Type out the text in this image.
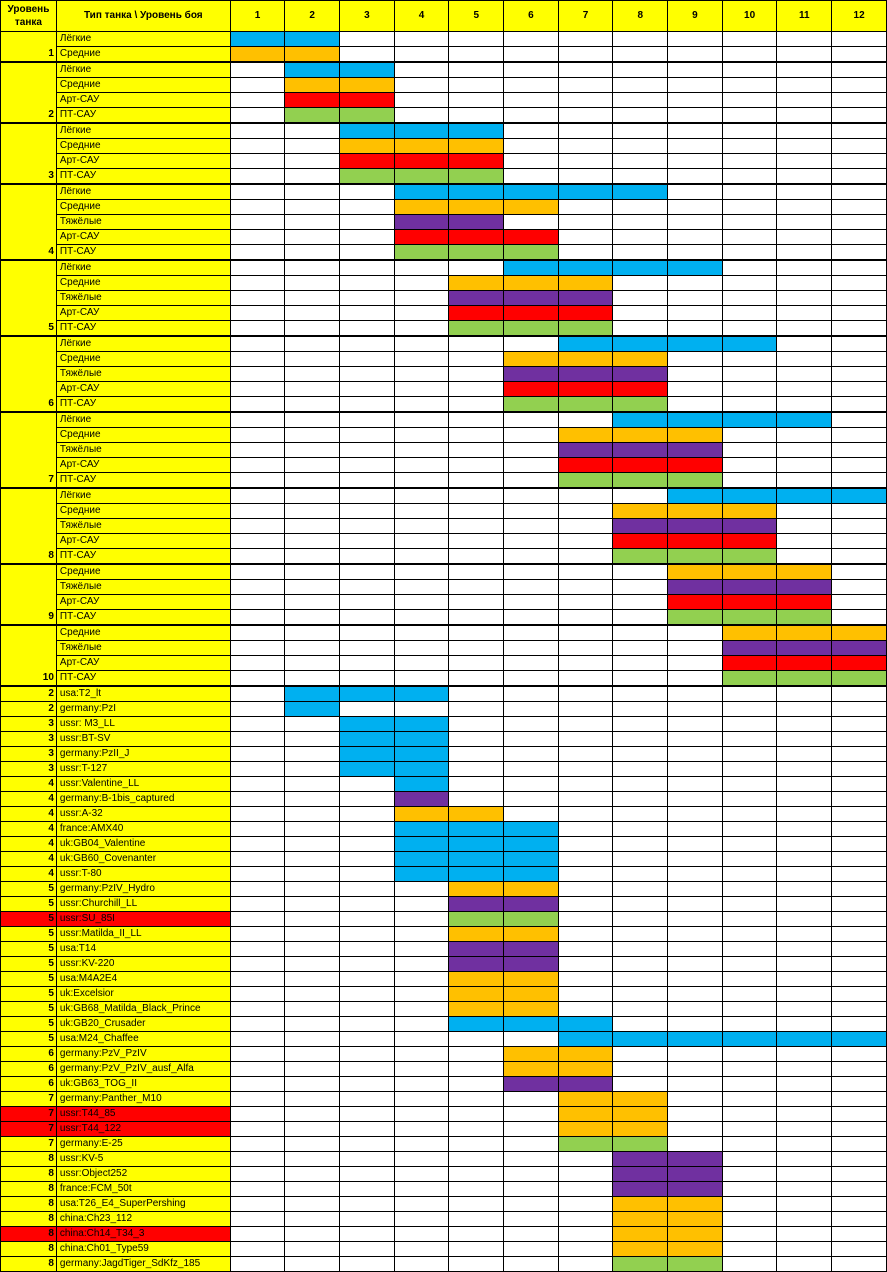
Уровень танка	Тип танка \ Уровень боя	1	2	3	4	5	6	7	8	9	10	11	12
1	Лёгкие												
	Средние												
2	Лёгкие												
	Средние												
	Арт-САУ												
	ПТ-САУ												
3	Лёгкие												
	Средние												
	Арт-САУ												
	ПТ-САУ												
4	Лёгкие												
	Средние												
	Тяжёлые												
	Арт-САУ												
	ПТ-САУ												
5	Лёгкие												
	Средние												
	Тяжёлые												
	Арт-САУ												
	ПТ-САУ												
6	Лёгкие												
	Средние												
	Тяжёлые												
	Арт-САУ												
	ПТ-САУ												
7	Лёгкие												
	Средние												
	Тяжёлые												
	Арт-САУ												
	ПТ-САУ												
8	Лёгкие												
	Средние												
	Тяжёлые												
	Арт-САУ												
	ПТ-САУ												
9	Средние												
	Тяжёлые												
	Арт-САУ												
	ПТ-САУ												
10	Средние												
	Тяжёлые												
	Арт-САУ												
	ПТ-САУ												
2	usa:T2_lt												
2	germany:PzI												
3	ussr: M3_LL												
3	ussr:BT-SV												
3	germany:PzII_J												
3	ussr:T-127												
4	ussr:Valentine_LL												
4	germany:B-1bis_captured												
4	ussr:A-32												
4	france:AMX40												
4	uk:GB04_Valentine												
4	uk:GB60_Covenanter												
4	ussr:T-80												
5	germany:PzIV_Hydro												
5	ussr:Churchill_LL												
5	ussr:SU_85I												
5	ussr:Matilda_II_LL												
5	usa:T14												
5	ussr:KV-220												
5	usa:M4A2E4												
5	uk:Excelsior												
5	uk:GB68_Matilda_Black_Prince												
5	uk:GB20_Crusader												
5	usa:M24_Chaffee												
6	germany:PzV_PzIV												
6	germany:PzV_PzIV_ausf_Alfa												
6	uk:GB63_TOG_II												
7	germany:Panther_M10												
7	ussr:T44_85												
7	ussr:T44_122												
7	germany:E-25												
8	ussr:KV-5												
8	ussr:Object252												
8	france:FCM_50t												
8	usa:T26_E4_SuperPershing												
8	china:Ch23_112												
8	china:Ch14_T34_3												
8	china:Ch01_Type59												
8	germany:JagdTiger_SdKfz_185												
